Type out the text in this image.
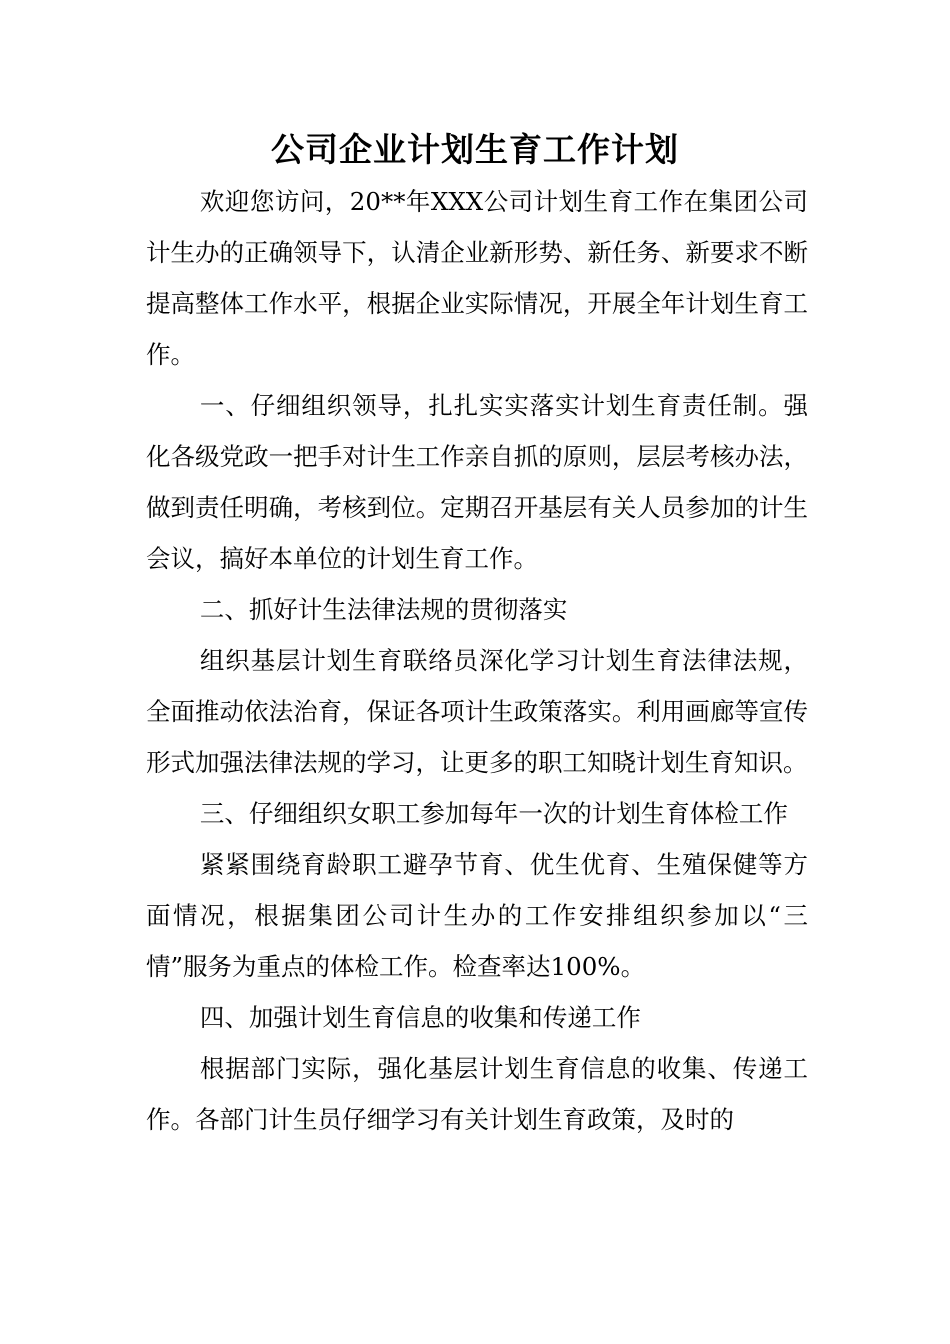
公司企业计划生育工作计划

欢迎您访问，20**年XXX公司计划生育工作在集团公司计生办的正确领导下，认清企业新形势、新任务、新要求不断提高整体工作水平，根据企业实际情况，开展全年计划生育工作。

一、仔细组织领导，扎扎实实落实计划生育责任制。强化各级党政一把手对计生工作亲自抓的原则，层层考核办法，做到责任明确，考核到位。定期召开基层有关人员参加的计生会议，搞好本单位的计划生育工作。

二、抓好计生法律法规的贯彻落实

组织基层计划生育联络员深化学习计划生育法律法规，全面推动依法治育，保证各项计生政策落实。利用画廊等宣传形式加强法律法规的学习，让更多的职工知晓计划生育知识。

三、仔细组织女职工参加每年一次的计划生育体检工作

紧紧围绕育龄职工避孕节育、优生优育、生殖保健等方面情况，根据集团公司计生办的工作安排组织参加以“三情”服务为重点的体检工作。检查率达100%。

四、加强计划生育信息的收集和传递工作

根据部门实际，强化基层计划生育信息的收集、传递工作。各部门计生员仔细学习有关计划生育政策，及时的
